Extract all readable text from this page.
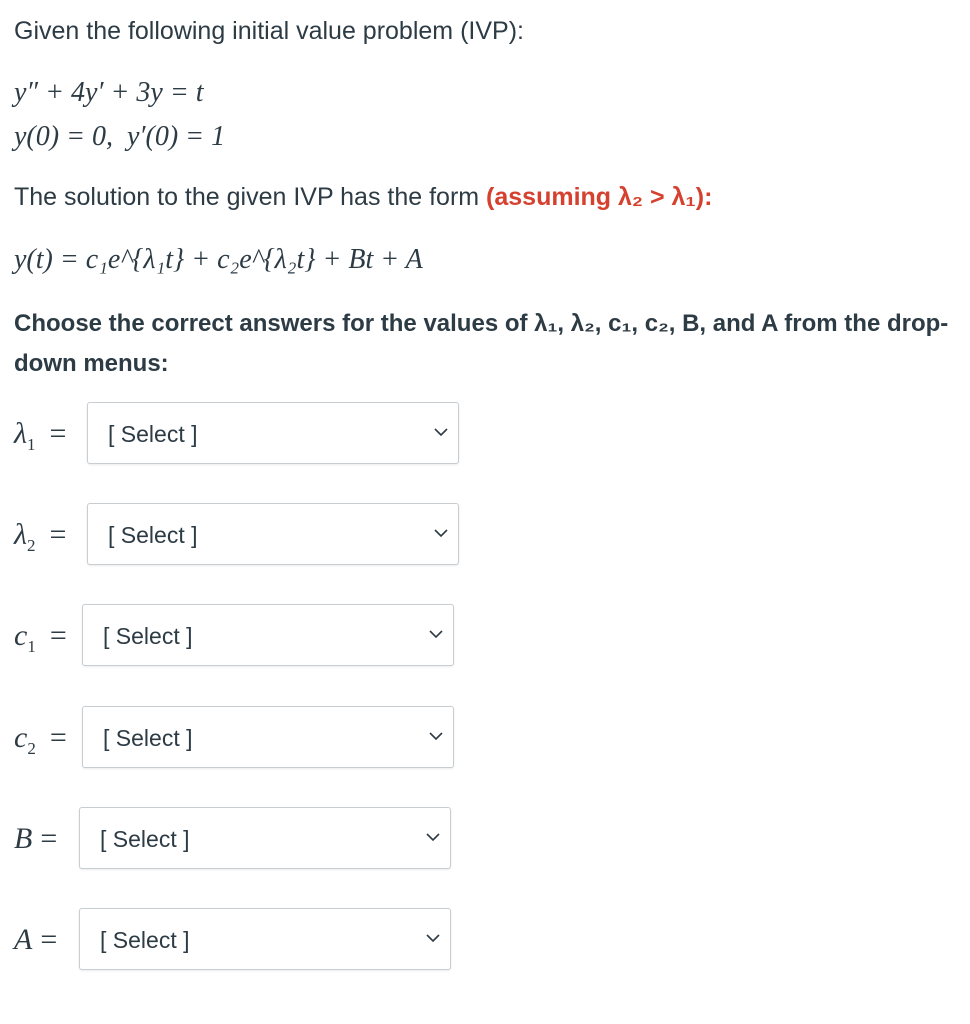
Given the following initial value problem (IVP):
y″ + 4y′ + 3y = t
y(0) = 0, y′(0) = 1
The solution to the given IVP has the form (assuming λ₂ > λ₁):
y(t) = c₁e^{λ₁t} + c₂e^{λ₂t} + Bt + A
Choose the correct answers for the values of λ₁, λ₂, c₁, c₂, B, and A from the drop-down menus:
$\lambda_1$ = [ Select ]
$\lambda_2$ = [ Select ]
$c_1$ = [ Select ]
$c_2$ = [ Select ]
B = [ Select ]
A = [ Select ]
